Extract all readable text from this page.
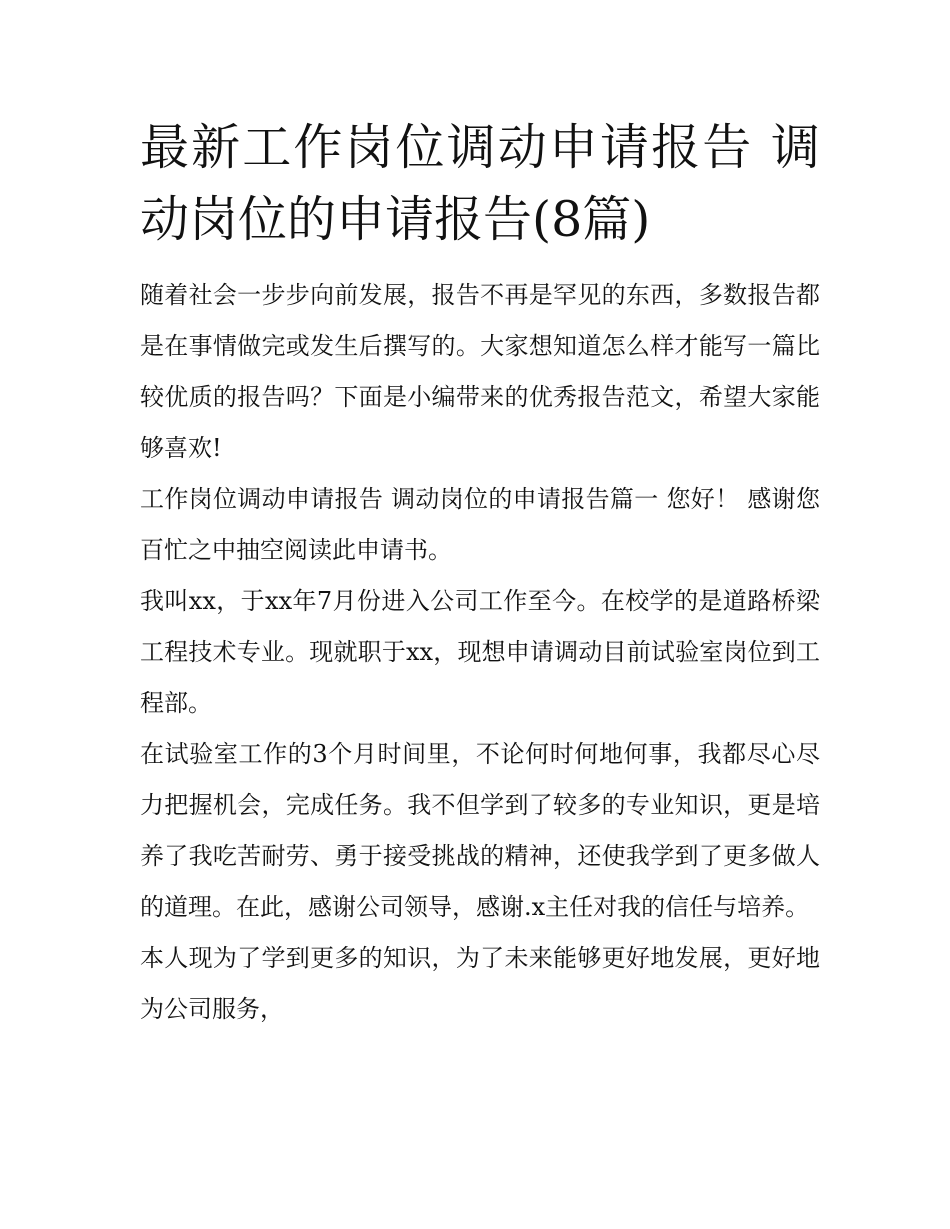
最新工作岗位调动申请报告 调动岗位的申请报告(8篇)

随着社会一步步向前发展，报告不再是罕见的东西，多数报告都是在事情做完或发生后撰写的。大家想知道怎么样才能写一篇比较优质的报告吗？下面是小编带来的优秀报告范文，希望大家能够喜欢!

工作岗位调动申请报告 调动岗位的申请报告篇一 您好！ 感谢您百忙之中抽空阅读此申请书。

我叫xx，于xx年7月份进入公司工作至今。在校学的是道路桥梁工程技术专业。现就职于xx，现想申请调动目前试验室岗位到工程部。

在试验室工作的3个月时间里，不论何时何地何事，我都尽心尽力把握机会，完成任务。我不但学到了较多的专业知识，更是培养了我吃苦耐劳、勇于接受挑战的精神，还使我学到了更多做人的道理。在此，感谢公司领导，感谢.x主任对我的信任与培养。

本人现为了学到更多的知识，为了未来能够更好地发展，更好地为公司服务，
